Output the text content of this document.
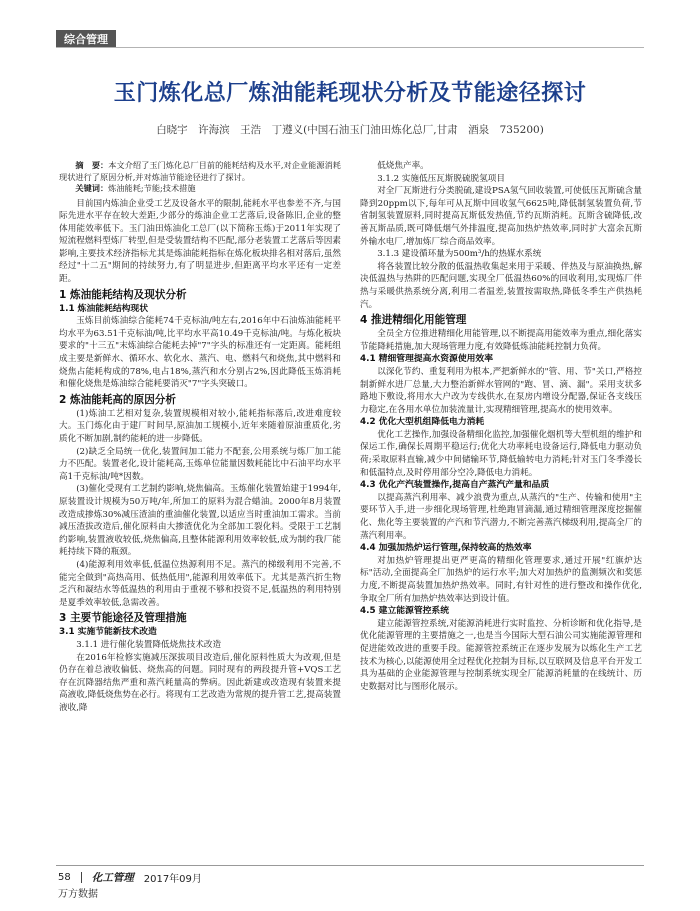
综合管理
玉门炼化总厂炼油能耗现状分析及节能途径探讨
白晓宇　许海滨　王浩　丁遵义(中国石油玉门油田炼化总厂,甘肃　酒泉　735200)

摘　要：本文介绍了玉门炼化总厂目前的能耗结构及水平,对企业能源消耗现状进行了原因分析,并对炼油节能途径进行了探讨。

关键词：炼油能耗;节能;技术措施

目前国内炼油企业受工艺及设备水平的限制,能耗水平也参差不齐,与国际先进水平存在较大差距,少部分的炼油企业工艺落后,设备陈旧,企业的整体用能效率低下。玉门油田炼油化工总厂(以下简称玉炼)于2011年实现了短流程燃料型炼厂转型,但是受装置结构不匹配,部分老装置工艺落后等因素影响,主要技术经济指标尤其是炼油能耗指标在炼化板块排名相对落后,虽然经过"十二五"期间的持续努力,有了明显进步,但距离平均水平还有一定差距。

1 炼油能耗结构及现状分析
1.1 炼油能耗结构现状

玉炼目前炼油综合能耗74千克标油/吨左右,2016年中石油炼油能耗平均水平为63.51千克标油/吨,比平均水平高10.49千克标油/吨。与炼化板块要求的"十三五"末炼油综合能耗去掉"7"字头的标准还有一定距离。能耗组成主要是新鲜水、循环水、软化水、蒸汽、电、燃料气和烧焦,其中燃料和烧焦占能耗构成的78%,电占18%,蒸汽和水分别占2%,因此降低玉炼消耗和催化烧焦是炼油综合能耗要消灭"7"字头突破口。

2 炼油能耗高的原因分析

(1)炼油工艺相对复杂,装置规模相对较小,能耗指标落后,改进难度较大。玉门炼化由于建厂时间早,原油加工规模小,近年来随着原油重质化,劣质化不断加剧,制约能耗的进一步降低。

(2)缺乏全局统一优化,装置间加工能力不配套,公用系统与炼厂加工能力不匹配。装置老化,设计能耗高,玉炼单位能量因数耗能比中石油平均水平高1千克标油/吨*因数。

(3)催化受现有工艺制约影响,烧焦偏高。玉炼催化装置始建于1994年,原装置设计规模为50万吨/年,所加工的原料为混合蜡油。2000年8月装置改造成掺炼30%减压渣油的重油催化装置,以适应当时重油加工需求。当前减压渣拔改造后,催化原料由大掺渣优化为全部加工裂化料。受限于工艺制约影响,装置液收较低,烧焦偏高,且整体能源利用效率较低,成为制约我厂能耗持续下降的瓶颈。

(4)能源利用效率低,低温位热源利用不足。蒸汽的梯级利用不完善,不能完全做到"高热高用、低热低用",能源利用效率低下。尤其是蒸汽折生物乏汽和凝结水等低温热的利用由于重视不够和投资不足,低温热的利用特别是夏季效率较低,急需改善。

3 主要节能途径及管理措施
3.1 实施节能新技术改造

3.1.1 进行催化装置降低烧焦技术改造

在2016年检修实施减压深拔项目改造后,催化原料性质大为改观,但是仍存在着总液收偏低、烧焦高的问题。同时现有的两段提升管+VQS工艺存在沉降器结焦严重和蒸汽耗量高的弊病。因此新建或改造现有装置来提高液收,降低烧焦势在必行。将现有工艺改造为常规的提升管工艺,提高装置液收,降

低烧焦产率。

3.1.2 实施低压瓦斯脱硫脱氢项目

对全厂瓦斯进行分类脱硫,建设PSA氢气回收装置,可使低压瓦斯硫含量降到20ppm以下,每年可从瓦斯中回收氢气6625吨,降低制氢装置负荷,节省制氢装置原料,同时提高瓦斯低发热值,节约瓦斯消耗。瓦斯含硫降低,改善瓦斯品质,既可降低烟气外排温度,提高加热炉热效率,同时扩大富余瓦斯外输水电厂,增加炼厂综合商品效率。

3.1.3 建设循环量为500m³/h的热媒水系统

将各装置比较分散的低温热收集起来用于采暖、伴热及与原油换热,解决低温热与热阱的匹配问题,实现全厂低温热60%的回收利用,实现炼厂伴热与采暖供热系统分离,利用二者温差,装置按需取热,降低冬季生产供热耗汽。

4 推进精细化用能管理

全员全方位推进精细化用能管理,以不断提高用能效率为重点,细化落实节能降耗措施,加大现场管理力度,有效降低炼油能耗控制力负荷。

4.1 精细管理提高水资源使用效率

以深化节约、重复利用为根本,严把新鲜水的"管、用、节"关口,严格控制新鲜水进厂总量,大力整治新鲜水管网的"跑、冒、滴、漏"。采用支状多路地下敷设,将用水大户改为专线供水,在泵房内增设分配器,保证各支线压力稳定,在各用水单位加装流量计,实现精细管理,提高水的使用效率。

4.2 优化大型机组降低电力消耗

优化工艺操作,加强设备精细化监控,加强催化烟机等大型机组的维护和保运工作,确保长周期平稳运行;优化大功率耗电设备运行,降低电力驱动负荷;采取原料直输,减少中间储输环节,降低输转电力消耗;针对玉门冬季漫长和低温特点,及时停用部分空冷,降低电力消耗。

4.3 优化产汽装置操作,提高自产蒸汽产量和品质

以提高蒸汽利用率、减少浪费为重点,从蒸汽的"生产、传输和使用"主要环节入手,进一步细化现场管理,杜绝跑冒滴漏,通过精细管理深度挖掘催化、焦化等主要装置的产汽和节汽潜力,不断完善蒸汽梯级利用,提高全厂的蒸汽利用率。

4.4 加强加热炉运行管理,保持较高的热效率

对加热炉管理提出更严更高的精细化管理要求,通过开展"红旗炉达标"活动,全面提高全厂加热炉的运行水平;加大对加热炉的监测频次和奖惩力度,不断提高装置加热炉热效率。同时,有针对性的进行整改和操作优化,争取全厂所有加热炉热效率达到设计值。

4.5 建立能源管控系统

建立能源管控系统,对能源消耗进行实时监控、分析诊断和优化指导,是优化能源管理的主要措施之一,也是当今国际大型石油公司实施能源管理和促进能效改进的重要手段。能源管控系统正在逐步发展为以炼化生产工艺技术为核心,以能源使用全过程优化控制为目标,以互联网及信息平台开发工具为基础的企业能源管理与控制系统实现全厂能源消耗量的在线统计、历史数据对比与图形化展示。

58 化工管理 2017年09月
万方数据
